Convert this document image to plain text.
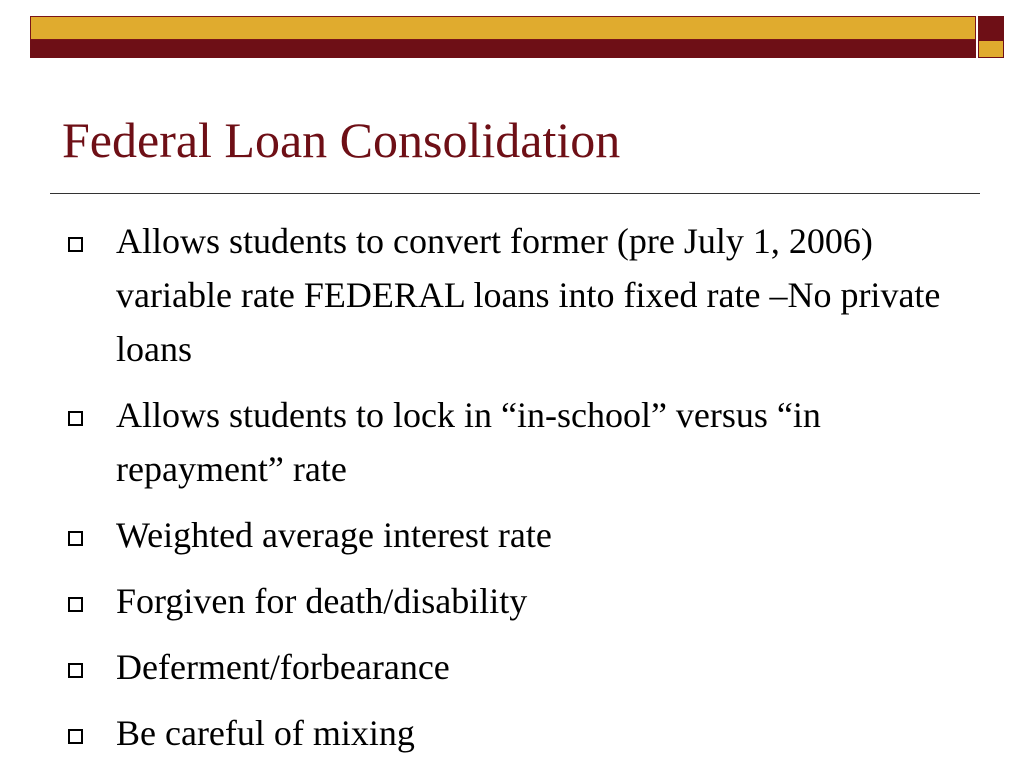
Federal Loan Consolidation
Allows students to convert former (pre July 1, 2006) variable rate FEDERAL loans into fixed rate –No private loans
Allows students to lock in “in-school” versus “in repayment” rate
Weighted average interest rate
Forgiven for death/disability
Deferment/forbearance
Be careful of mixing
